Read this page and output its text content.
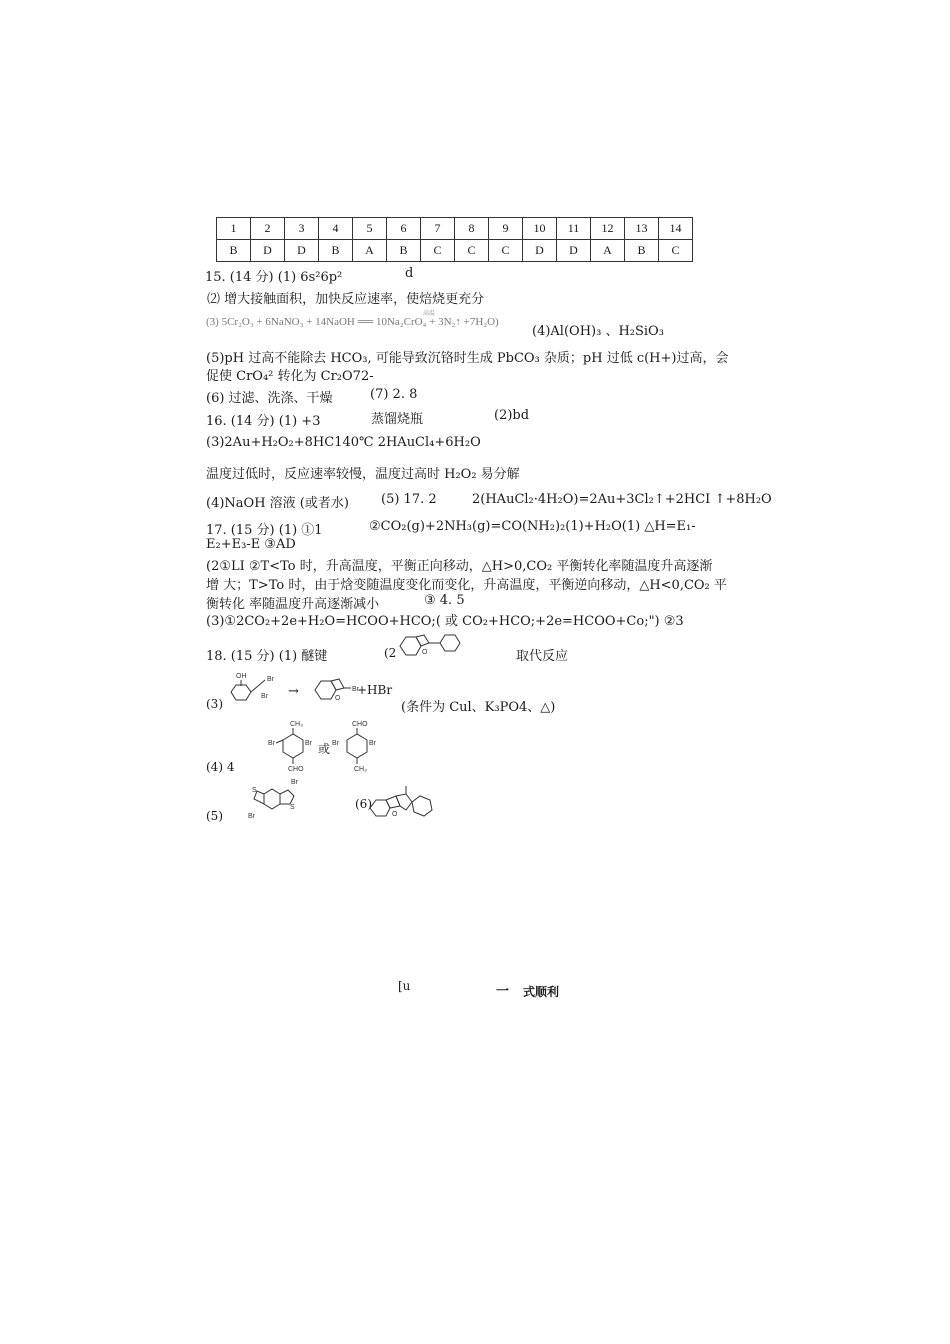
1	2	3	4	5	6	7	8	9	10	11	12	13	14
B	D	D	B	A	B	C	C	C	D	D	A	B	C
15. (14 分) (1) 6s²6p²	d
⑵ 增大接触面积，加快反应速率，使焙烧更充分
(3) 5Cr₂O₃ + 6NaNO₃ + 14NaOH ══ 10Na₂CrO₄ + 3N₂↑ +7H₂O)
高温
(4)Al(OH)₃ 、H₂SiO₃
(5)pH 过高不能除去 HCO₃, 可能导致沉铬时生成 PbCO₃ 杂质；pH 过低 c(H+)过高，会
促使 CrO₄² 转化为 Cr₂O72-
(6) 过滤、洗涤、干燥	(7) 2. 8
16. (14 分) (1) +3	蒸馏烧瓶	(2)bd
(3)2Au+H₂O₂+8HC140℃ 2HAuCl₄+6H₂O
温度过低时，反应速率较慢，温度过高时 H₂O₂ 易分解
(4)NaOH 溶液 (或者水) (5) 17. 2	2(HAuCl₂·4H₂O)=2Au+3Cl₂↑+2HCI ↑+8H₂O
17. (15 分) (1) ①1	②CO₂(g)+2NH₃(g)=CO(NH₂)₂(1)+H₂O(1) △H=E₁-
E₂+E₃-E ③AD
(2①LI ②T<To 时，升高温度，平衡正向移动，△H>0,CO₂ 平衡转化率随温度升高逐渐
增 大；T>To 时，由于焓变随温度变化而变化，升高温度，平衡逆向移动，△H<0,CO₂ 平
衡转化 率随温度升高逐渐减小	③ 4. 5
(3)①2CO₂+2e+H₂O=HCOO+HCO;( 或 CO₂+HCO;+2e=HCOO+Co;") ②3
18. (15 分) (1) 醚键	(2	O	取代反应
(3)
OH	Br
Br →	O
Br
+HBr
(条件为 Cul、K₃PO4、△)
(4) 4
CH₃
Br	Br
CHO
或
CHO
Br	Br
CH₃
(5)
Br
S
S
Br
(6)
O
[u	一 式顺利
